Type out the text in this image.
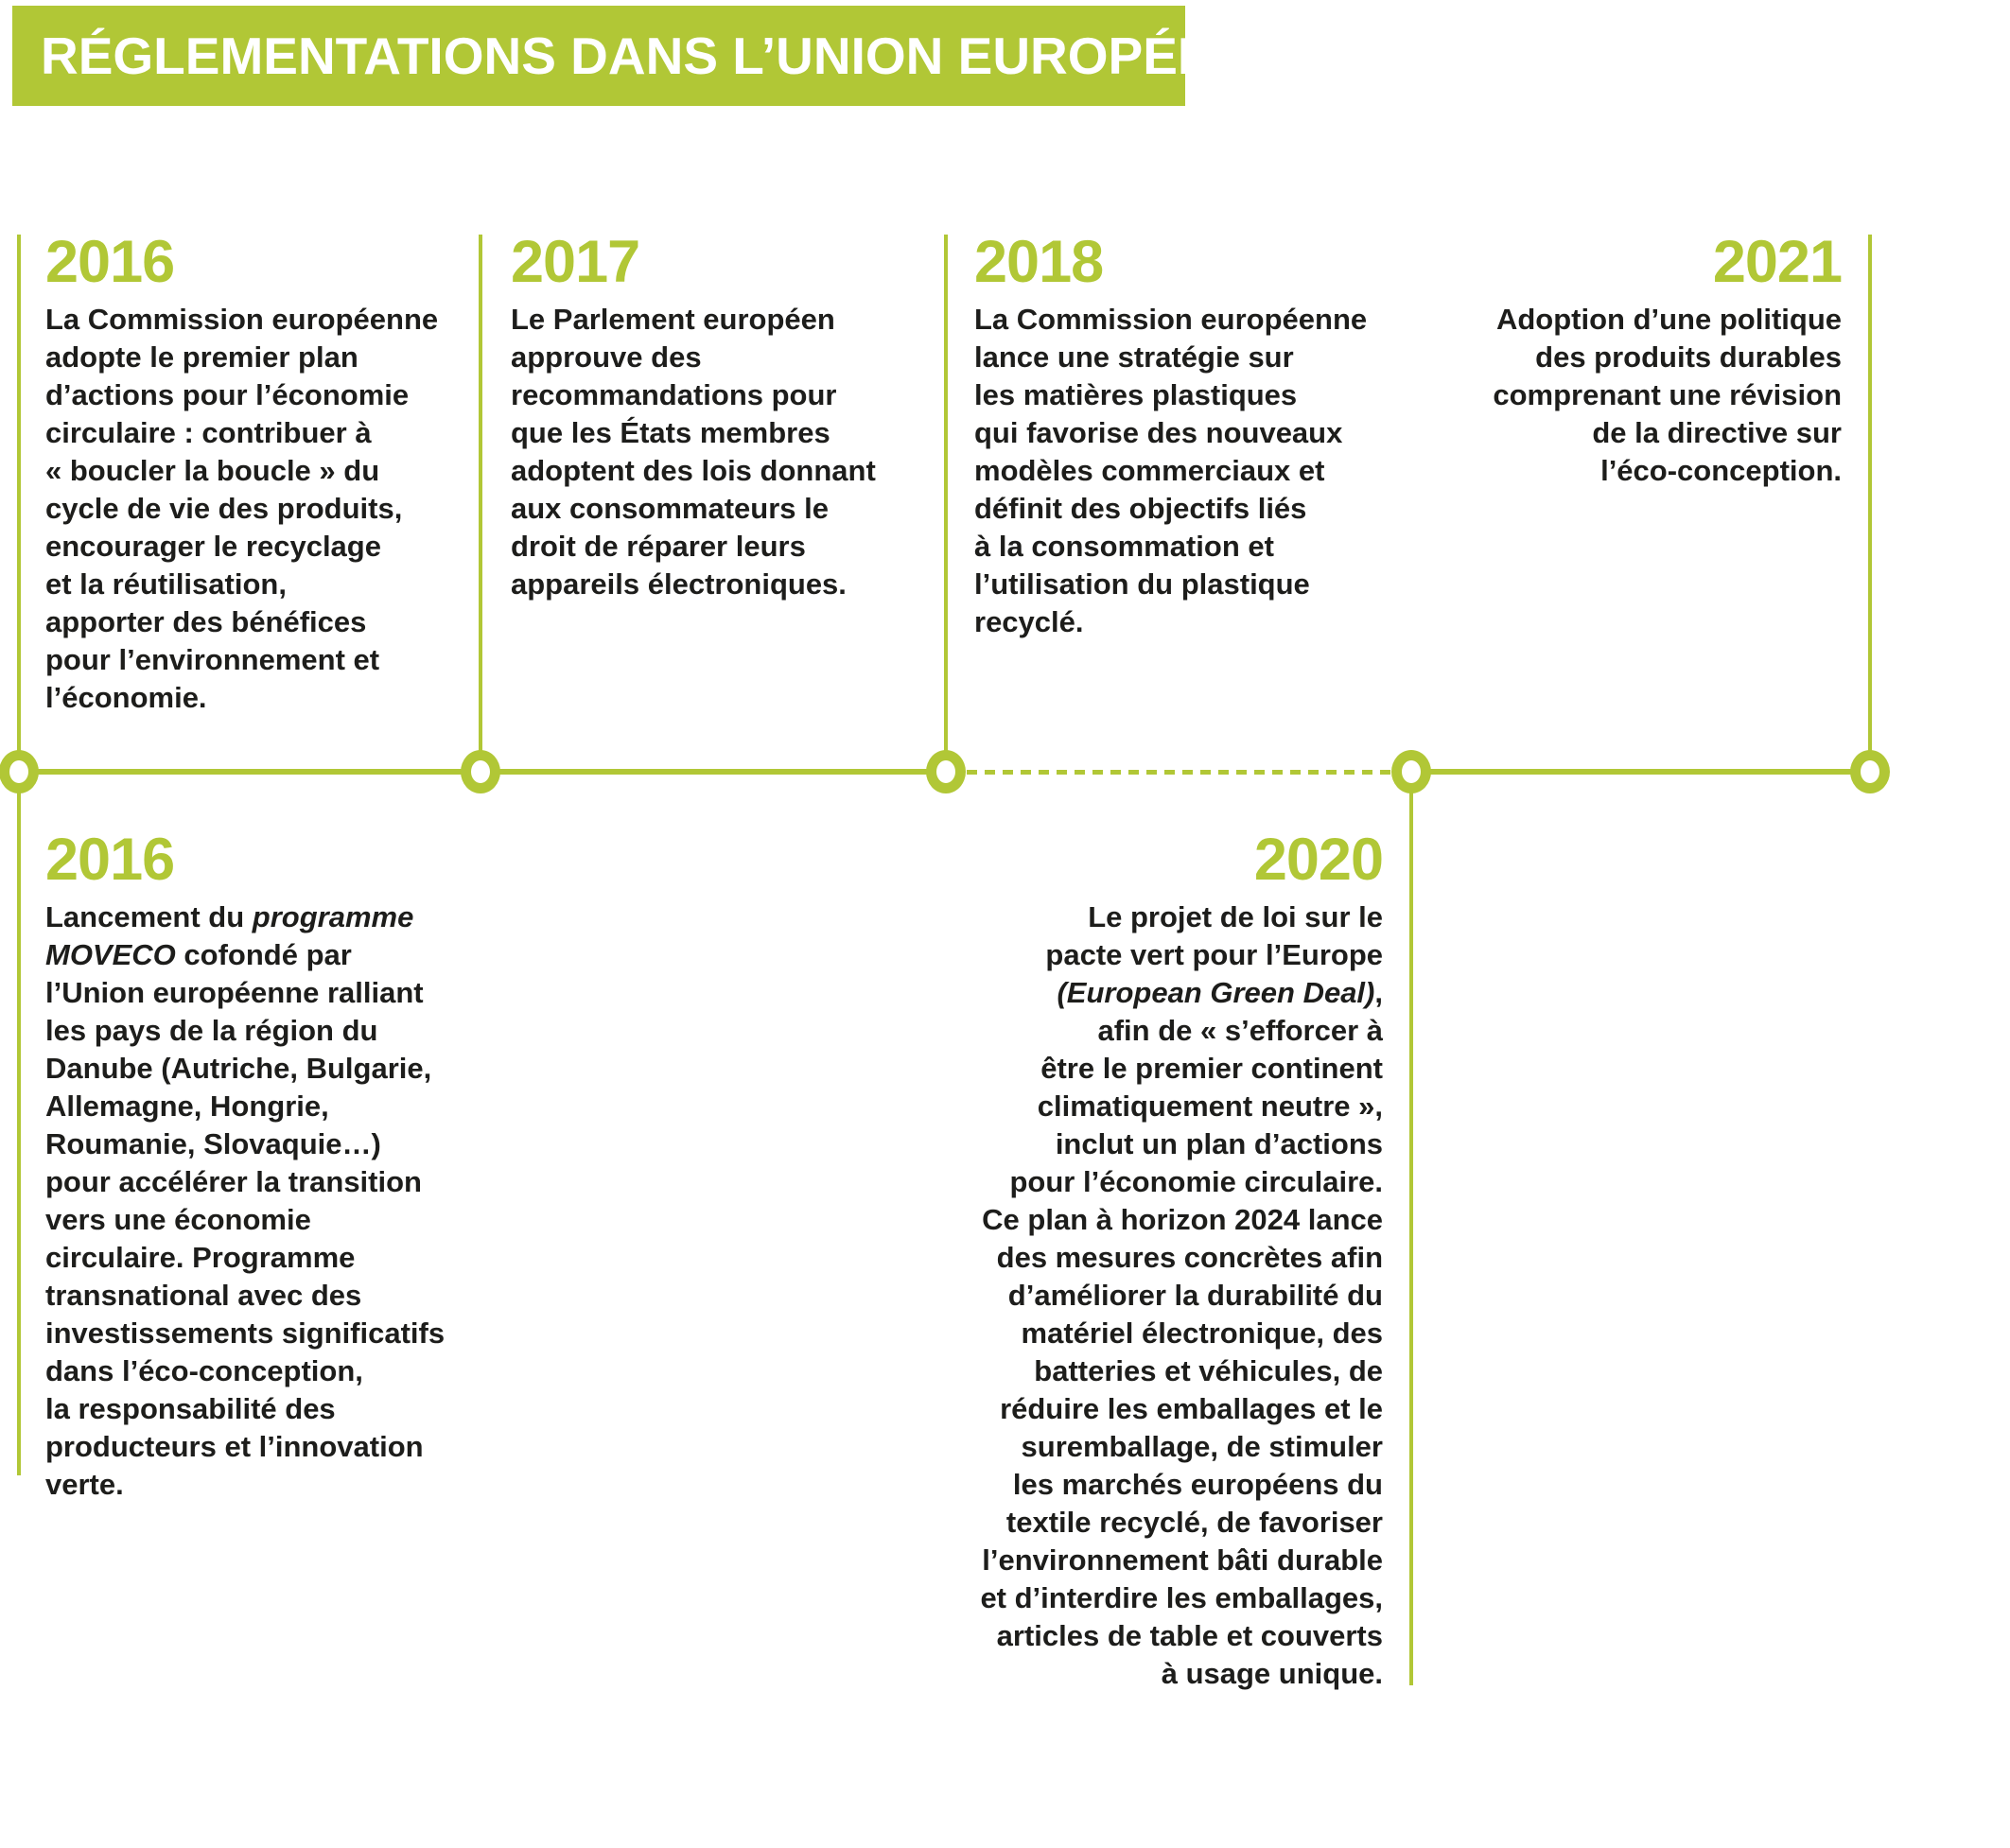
RÉGLEMENTATIONS DANS L’UNION EUROPÉENNE
2016
La Commission européenne
adopte le premier plan
d’actions pour l’économie
circulaire : contribuer à
« boucler la boucle » du
cycle de vie des produits,
encourager le recyclage
et la réutilisation,
apporter des bénéfices
pour l’environnement et
l’économie.
2017
Le Parlement européen
approuve des
recommandations pour
que les États membres
adoptent des lois donnant
aux consommateurs le
droit de réparer leurs
appareils électroniques.
2018
La Commission européenne
lance une stratégie sur
les matières plastiques
qui favorise des nouveaux
modèles commerciaux et
définit des objectifs liés
à la consommation et
l’utilisation du plastique
recyclé.
2021
Adoption d’une politique
des produits durables
comprenant une révision
de la directive sur
l’éco-conception.
2016
Lancement du programme
MOVECO cofondé par
l’Union européenne ralliant
les pays de la région du
Danube (Autriche, Bulgarie,
Allemagne, Hongrie,
Roumanie, Slovaquie…)
pour accélérer la transition
vers une économie
circulaire. Programme
transnational avec des
investissements significatifs
dans l’éco-conception,
la responsabilité des
producteurs et l’innovation
verte.
2020
Le projet de loi sur le
pacte vert pour l’Europe
(European Green Deal),
afin de « s’efforcer à
être le premier continent
climatiquement neutre »,
inclut un plan d’actions
pour l’économie circulaire.
Ce plan à horizon 2024 lance
des mesures concrètes afin
d’améliorer la durabilité du
matériel électronique, des
batteries et véhicules, de
réduire les emballages et le
suremballage, de stimuler
les marchés européens du
textile recyclé, de favoriser
l’environnement bâti durable
et d’interdire les emballages,
articles de table et couverts
à usage unique.
